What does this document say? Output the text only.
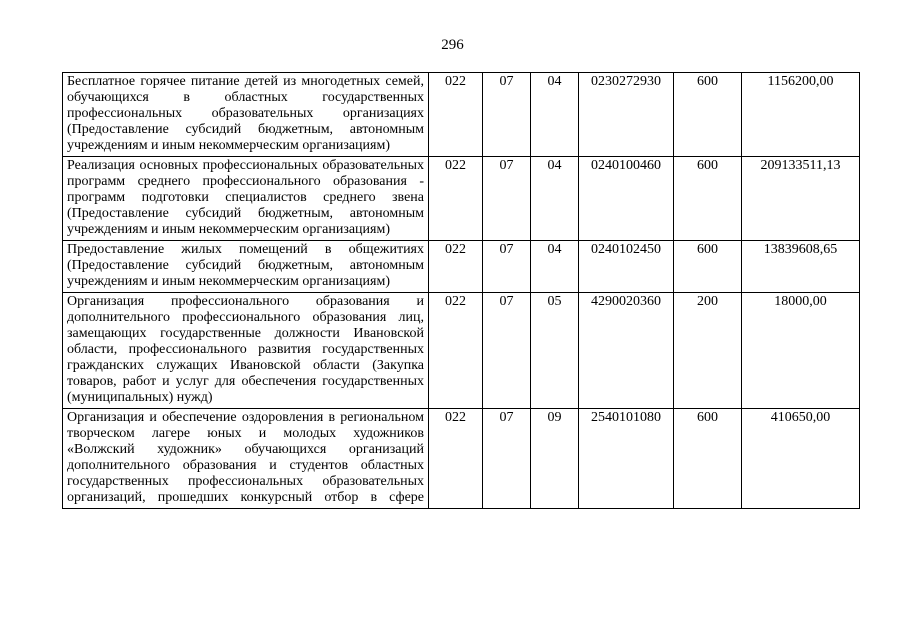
296
Бесплатное горячее питание детей из многодетных семей, обучающихся в областных государственных профессиональных образовательных организациях (Предоставление субсидий бюджетным, автономным учреждениям и иным некоммерческим организациям)	022	07	04	0230272930	600	1156200,00
Реализация основных профессиональных образовательных программ среднего профессионального образования - программ подготовки специалистов среднего звена (Предоставление субсидий бюджетным, автономным учреждениям и иным некоммерческим организациям)	022	07	04	0240100460	600	209133511,13
Предоставление жилых помещений в общежитиях (Предоставление субсидий бюджетным, автономным учреждениям и иным некоммерческим организациям)	022	07	04	0240102450	600	13839608,65
Организация профессионального образования и дополнительного профессионального образования лиц, замещающих государственные должности Ивановской области, профессионального развития государственных гражданских служащих Ивановской области (Закупка товаров, работ и услуг для обеспечения государственных (муниципальных) нужд)	022	07	05	4290020360	200	18000,00
Организация и обеспечение оздоровления в региональном творческом лагере юных и молодых художников «Волжский художник» обучающихся организаций дополнительного образования и студентов областных государственных профессиональных образовательных организаций, прошедших конкурсный отбор в сфере	022	07	09	2540101080	600	410650,00
